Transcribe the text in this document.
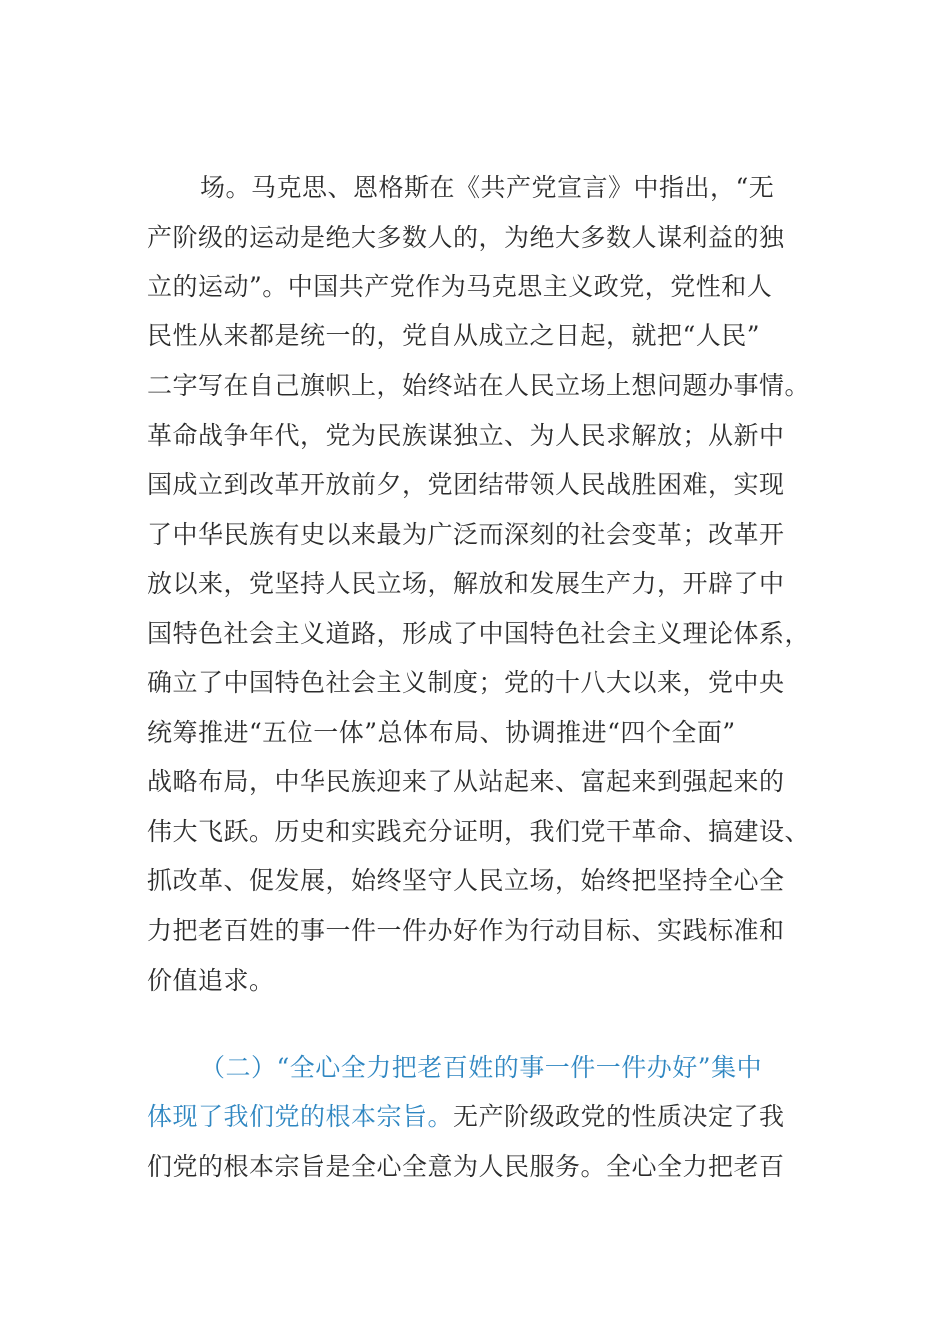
场。马克思、恩格斯在《共产党宣言》中指出，“无
产阶级的运动是绝大多数人的，为绝大多数人谋利益的独
立的运动”。中国共产党作为马克思主义政党，党性和人
民性从来都是统一的，党自从成立之日起，就把“人民”
二字写在自己旗帜上，始终站在人民立场上想问题办事情。
革命战争年代，党为民族谋独立、为人民求解放；从新中
国成立到改革开放前夕，党团结带领人民战胜困难，实现
了中华民族有史以来最为广泛而深刻的社会变革；改革开
放以来，党坚持人民立场，解放和发展生产力，开辟了中
国特色社会主义道路，形成了中国特色社会主义理论体系，
确立了中国特色社会主义制度；党的十八大以来，党中央
统筹推进“五位一体”总体布局、协调推进“四个全面”
战略布局，中华民族迎来了从站起来、富起来到强起来的
伟大飞跃。历史和实践充分证明，我们党干革命、搞建设、
抓改革、促发展，始终坚守人民立场，始终把坚持全心全
力把老百姓的事一件一件办好作为行动目标、实践标准和
价值追求。
（二）“全心全力把老百姓的事一件一件办好”集中
体现了我们党的根本宗旨。无产阶级政党的性质决定了我
们党的根本宗旨是全心全意为人民服务。全心全力把老百
